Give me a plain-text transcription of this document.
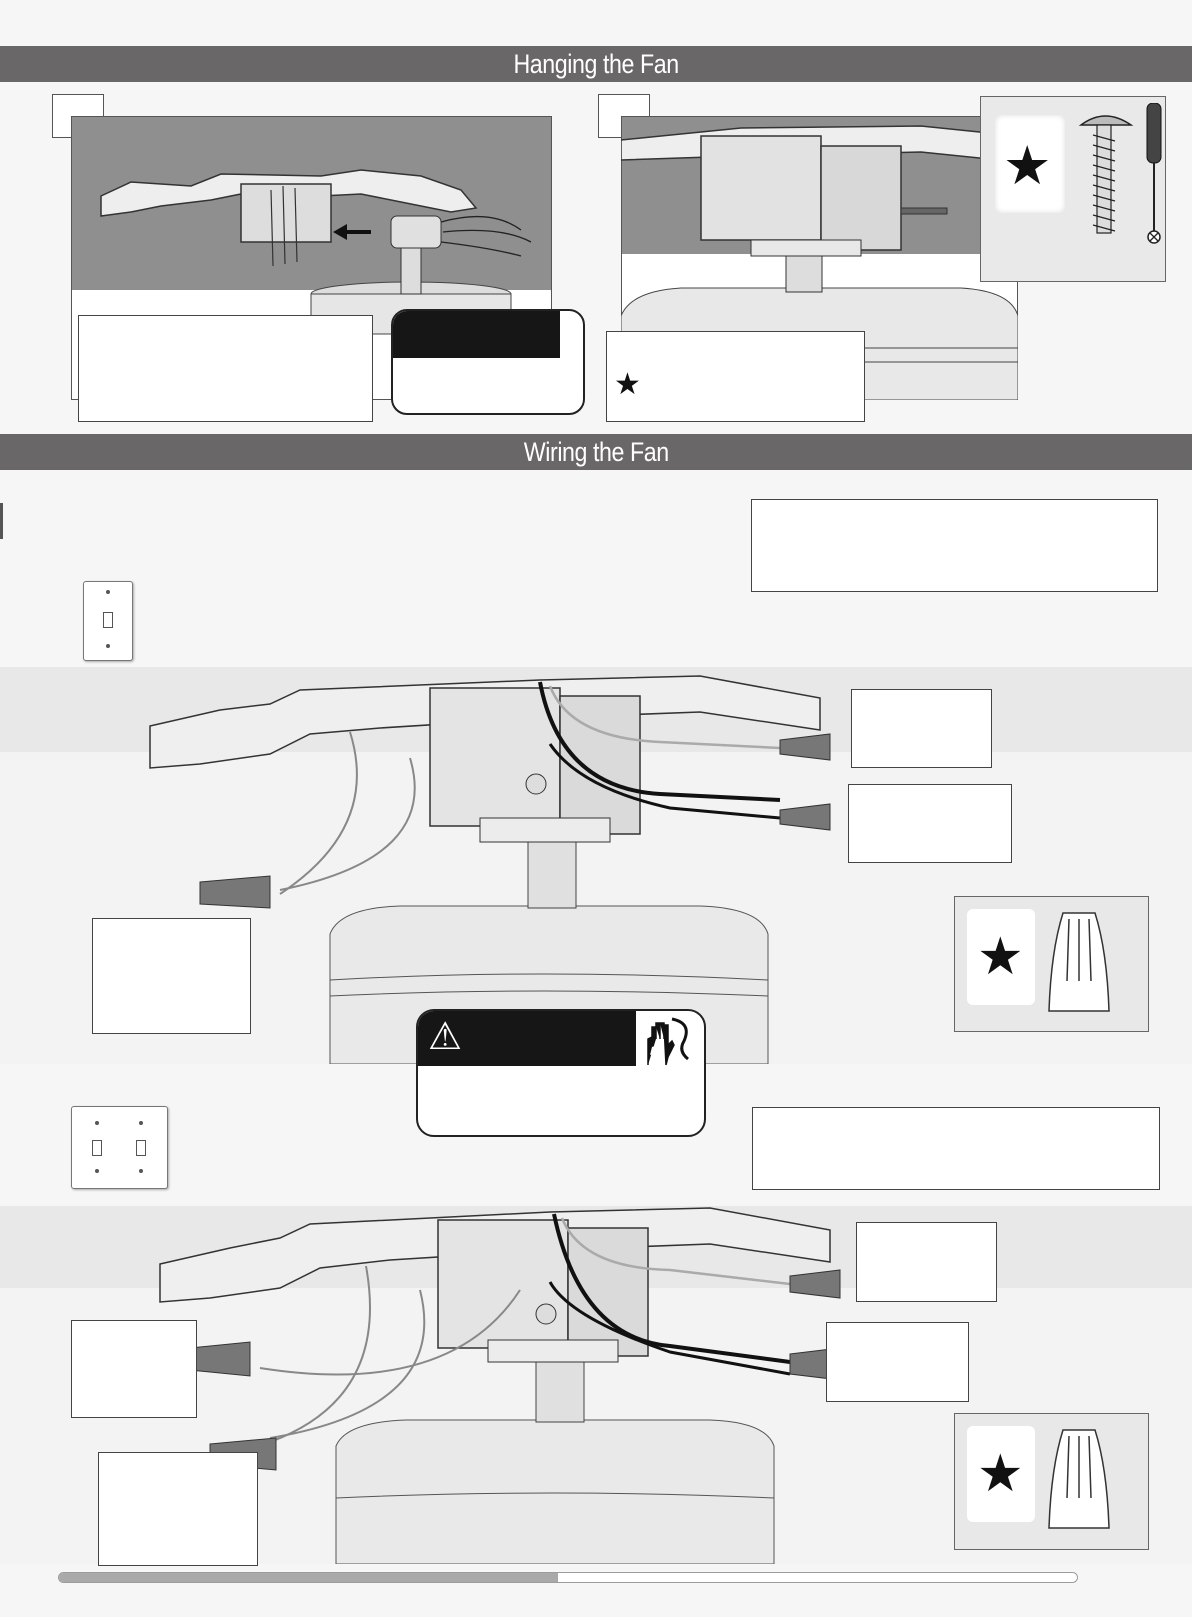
Hanging the Fan
★
★
Wiring the Fan
★
⚠
★
